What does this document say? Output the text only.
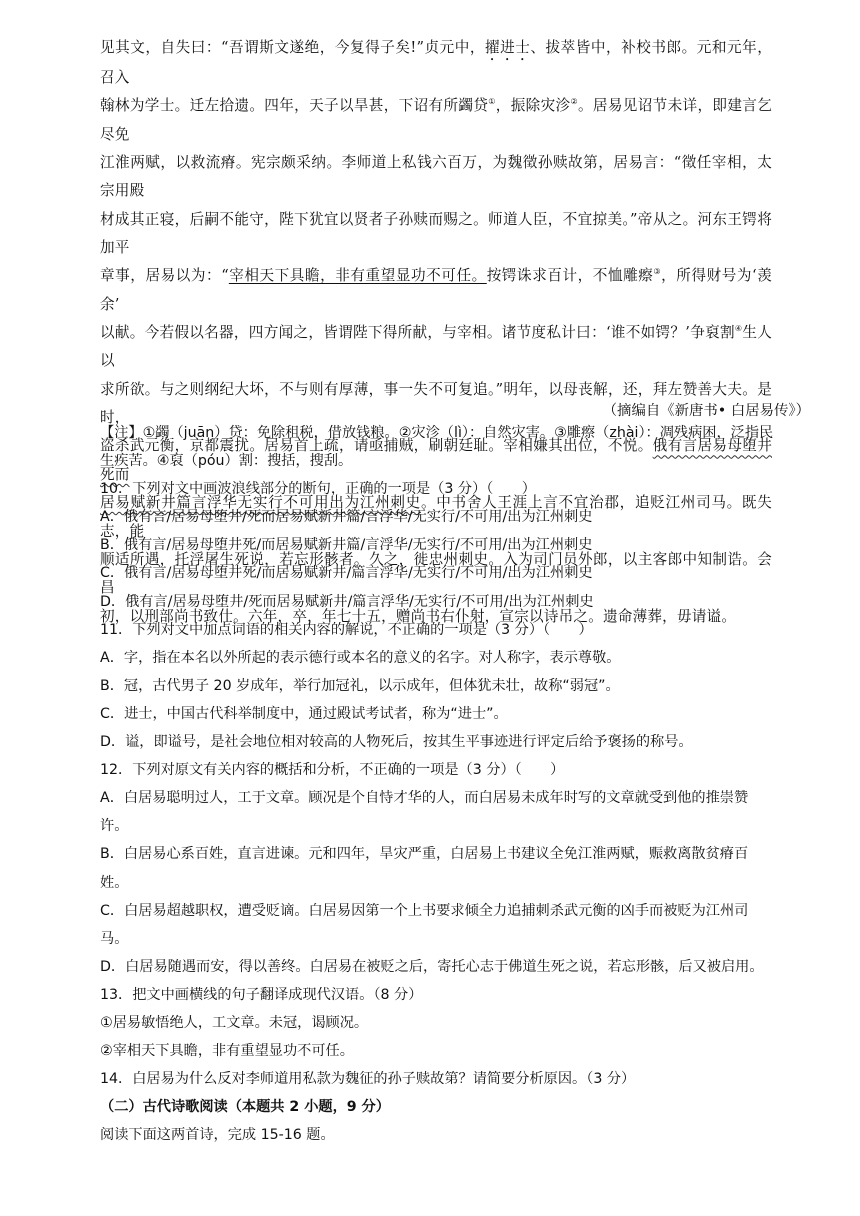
见其文，自失曰：“吾谓斯文遂绝，今复得子矣!”贞元中，擢进士、拔萃皆中，补校书郎。元和元年，召入

翰林为学士。迁左拾遗。四年，天子以旱甚，下诏有所蠲贷①，振除灾沴②。居易见诏节未详，即建言乞尽免

江淮两赋，以救流瘠。宪宗颇采纳。李师道上私钱六百万，为魏徵孙赎故第，居易言：“徵任宰相，太宗用殿

材成其正寝，后嗣不能守，陛下犹宜以贤者子孙赎而赐之。师道人臣，不宜掠美。”帝从之。河东王锷将加平

章事，居易以为：“宰相天下具瞻，非有重望显功不可任。按锷诛求百计，不恤雕瘵③，所得财号为‘羡余’

以献。今若假以名器，四方闻之，皆谓陛下得所献，与宰相。诸节度私计曰：‘谁不如锷？’争裒割④生人以

求所欲。与之则纲纪大坏，不与则有厚薄，事一失不可复追。”明年，以母丧解，还，拜左赞善大夫。是时，

盗杀武元衡，京都震扰。居易首上疏，请亟捕贼，刷朝廷耻。宰相嫌其出位，不悦。俄有言居易母堕井死而

居易赋新井篇言浮华无实行不可用出为江州刺史。中书舍人王涯上言不宜治郡，追贬江州司马。既失志，能

顺适所遇，托浮屠生死说，若忘形骸者。久之，徙忠州刺史。入为司门员外郎，以主客郎中知制诰。会昌

初，以刑部尚书致仕。六年，卒，年七十五，赠尚书右仆射，宣宗以诗吊之。遗命薄葬，毋请谥。

（摘编自《新唐书• 白居易传》）

【注】①蠲（juān）贷：免除租税，借放钱粮。②灾沴（lì）：自然灾害。③雕瘵（zhài）：凋残病困，泛指民

生疾苦。④裒（póu）割：搜括，搜刮。

10．下列对文中画波浪线部分的断句，正确的一项是（3 分）（　　）

A．俄有言/居易母堕井/死而居易赋新井篇/言浮华/无实行/不可用/出为江州刺史

B．俄有言/居易母堕井死/而居易赋新井篇/言浮华/无实行/不可用/出为江州刺史

C．俄有言/居易母堕井死/而居易赋新井/篇言浮华/无实行/不可用/出为江州刺史

D．俄有言/居易母堕井/死而居易赋新井/篇言浮华/无实行/不可用/出为江州刺史

11．下列对文中加点词语的相关内容的解说，不正确的一项是（3 分）（　　）

A．字，指在本名以外所起的表示德行或本名的意义的名字。对人称字，表示尊敬。

B．冠，古代男子 20 岁成年，举行加冠礼，以示成年，但体犹未壮，故称“弱冠”。

C．进士，中国古代科举制度中，通过殿试考试者，称为“进士”。

D．谥，即谥号，是社会地位相对较高的人物死后，按其生平事迹进行评定后给予褒扬的称号。

12．下列对原文有关内容的概括和分析，不正确的一项是（3 分）（　　）

A．白居易聪明过人，工于文章。顾况是个自恃才华的人，而白居易未成年时写的文章就受到他的推崇赞

许。

B．白居易心系百姓，直言进谏。元和四年，旱灾严重，白居易上书建议全免江淮两赋，赈救离散贫瘠百

姓。

C．白居易超越职权，遭受贬谪。白居易因第一个上书要求倾全力追捕刺杀武元衡的凶手而被贬为江州司

马。

D．白居易随遇而安，得以善终。白居易在被贬之后，寄托心志于佛道生死之说，若忘形骸，后又被启用。

13．把文中画横线的句子翻译成现代汉语。（8 分）

①居易敏悟绝人，工文章。未冠，谒顾况。

②宰相天下具瞻，非有重望显功不可任。

14．白居易为什么反对李师道用私款为魏征的孙子赎故第？请简要分析原因。（3 分）

（二）古代诗歌阅读（本题共 2 小题，9 分）

阅读下面这两首诗，完成 15-16 题。
